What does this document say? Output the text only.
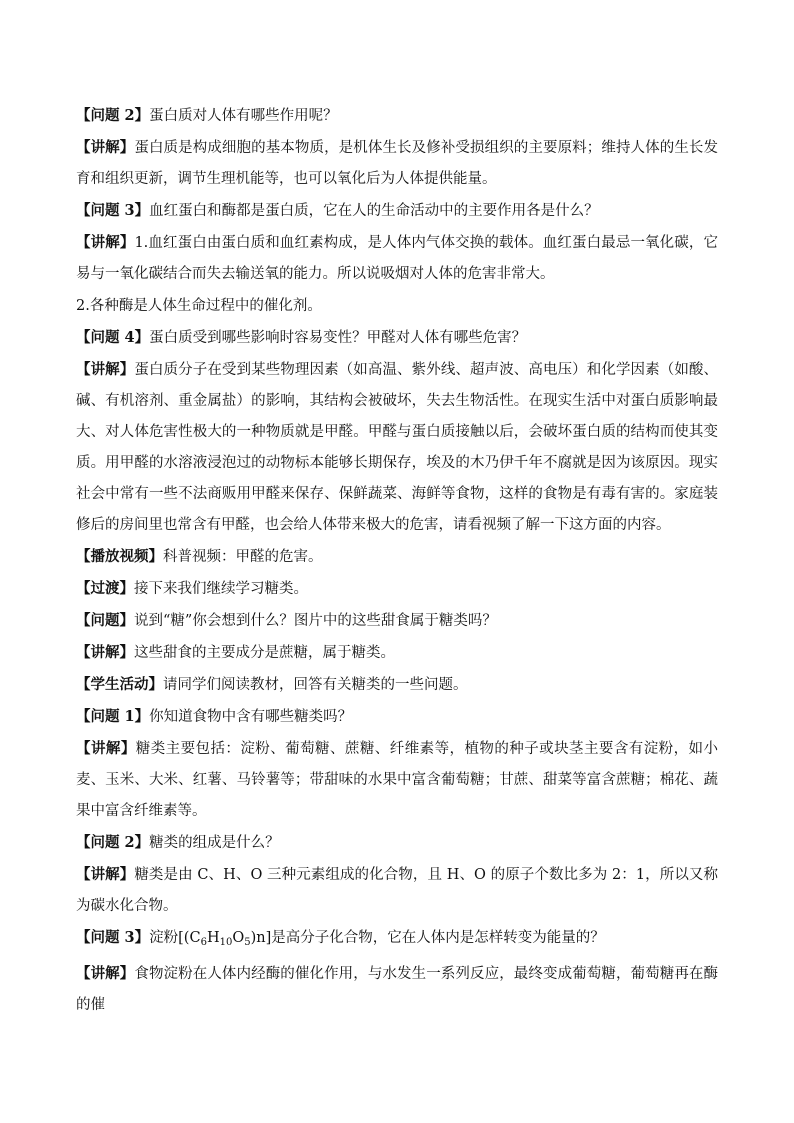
【问题 2】蛋白质对人体有哪些作用呢？

【讲解】蛋白质是构成细胞的基本物质，是机体生长及修补受损组织的主要原料；维持人体的生长发育和组织更新，调节生理机能等，也可以氧化后为人体提供能量。

【问题 3】血红蛋白和酶都是蛋白质，它在人的生命活动中的主要作用各是什么？

【讲解】1.血红蛋白由蛋白质和血红素构成，是人体内气体交换的载体。血红蛋白最忌一氧化碳，它易与一氧化碳结合而失去输送氧的能力。所以说吸烟对人体的危害非常大。

2.各种酶是人体生命过程中的催化剂。

【问题 4】蛋白质受到哪些影响时容易变性？甲醛对人体有哪些危害？

【讲解】蛋白质分子在受到某些物理因素（如高温、紫外线、超声波、高电压）和化学因素（如酸、碱、有机溶剂、重金属盐）的影响，其结构会被破坏，失去生物活性。在现实生活中对蛋白质影响最大、对人体危害性极大的一种物质就是甲醛。甲醛与蛋白质接触以后，会破坏蛋白质的结构而使其变质。用甲醛的水溶液浸泡过的动物标本能够长期保存，埃及的木乃伊千年不腐就是因为该原因。现实社会中常有一些不法商贩用甲醛来保存、保鲜蔬菜、海鲜等食物，这样的食物是有毒有害的。家庭装修后的房间里也常含有甲醛，也会给人体带来极大的危害，请看视频了解一下这方面的内容。

【播放视频】科普视频：甲醛的危害。

【过渡】接下来我们继续学习糖类。

【问题】说到“糖”你会想到什么？图片中的这些甜食属于糖类吗？

【讲解】这些甜食的主要成分是蔗糖，属于糖类。

【学生活动】请同学们阅读教材，回答有关糖类的一些问题。

【问题 1】你知道食物中含有哪些糖类吗？

【讲解】糖类主要包括：淀粉、葡萄糖、蔗糖、纤维素等，植物的种子或块茎主要含有淀粉，如小麦、玉米、大米、红薯、马铃薯等；带甜味的水果中富含葡萄糖；甘蔗、甜菜等富含蔗糖；棉花、蔬果中富含纤维素等。

【问题 2】糖类的组成是什么？

【讲解】糖类是由 C、H、O 三种元素组成的化合物，且 H、O 的原子个数比多为 2：1，所以又称为碳水化合物。

【问题 3】淀粉$[(C_6H_{10}O_5)n]$是高分子化合物，它在人体内是怎样转变为能量的？

【讲解】食物淀粉在人体内经酶的催化作用，与水发生一系列反应，最终变成葡萄糖，葡萄糖再在酶的催
